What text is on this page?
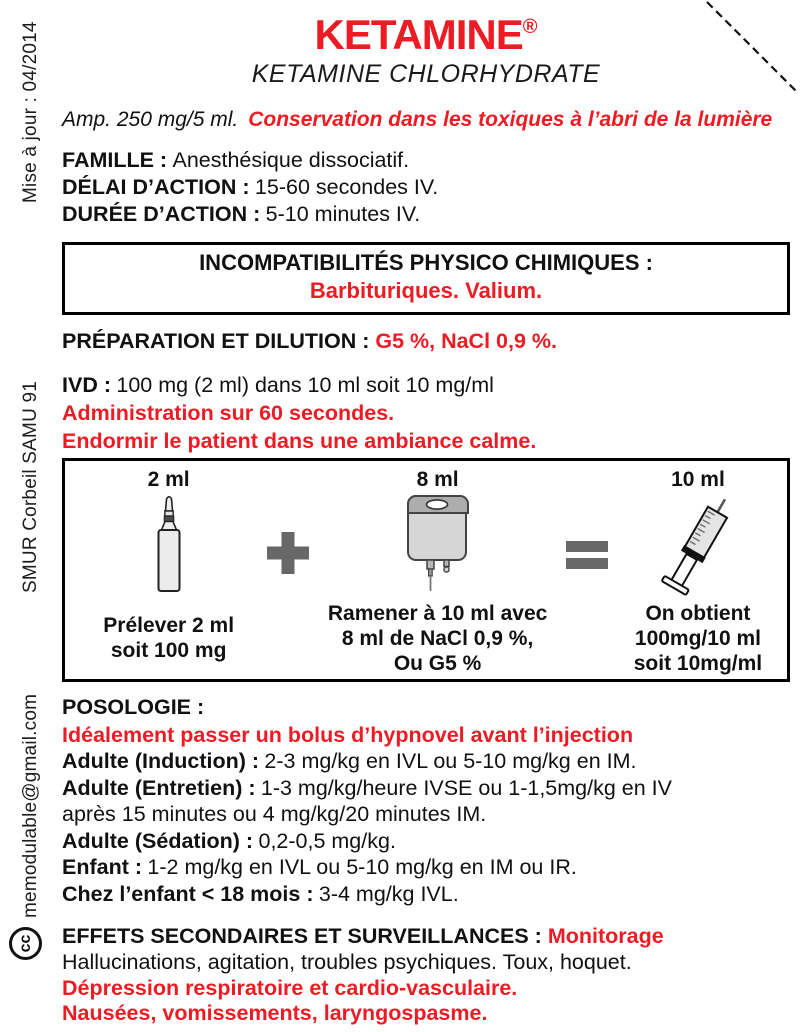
Mise à jour : 04/2014
SMUR Corbeil SAMU 91
memodulable@gmail.com
cc
KETAMINE®
KETAMINE CHLORHYDRATE
Amp. 250 mg/5 ml. Conservation dans les toxiques à l’abri de la lumière

FAMILLE : Anesthésique dissociatif.

DÉLAI D’ACTION : 15-60 secondes IV.

DURÉE D’ACTION : 5-10 minutes IV.

INCOMPATIBILITÉS PHYSICO CHIMIQUES :
Barbituriques. Valium.

PRÉPARATION ET DILUTION : G5 %, NaCl 0,9 %.

IVD : 100 mg (2 ml) dans 10 ml soit 10 mg/ml

Administration sur 60 secondes.

Endormir le patient dans une ambiance calme.

2 ml
Prélever 2 ml
soit 100 mg
8 ml
Ramener à 10 ml avec
8 ml de NaCl 0,9 %,
Ou G5 %
10 ml
On obtient
100mg/10 ml
soit 10mg/ml

POSOLOGIE :

Idéalement passer un bolus d’hypnovel avant l’injection

Adulte (Induction) : 2-3 mg/kg en IVL ou 5-10 mg/kg en IM.

Adulte (Entretien) : 1-3 mg/kg/heure IVSE ou 1-1,5mg/kg en IV

après 15 minutes ou 4 mg/kg/20 minutes IM.

Adulte (Sédation) : 0,2-0,5 mg/kg.

Enfant : 1-2 mg/kg en IVL ou 5-10 mg/kg en IM ou IR.

Chez l’enfant < 18 mois : 3-4 mg/kg IVL.

EFFETS SECONDAIRES ET SURVEILLANCES : Monitorage

Hallucinations, agitation, troubles psychiques. Toux, hoquet.

Dépression respiratoire et cardio-vasculaire.

Nausées, vomissements, laryngospasme.
